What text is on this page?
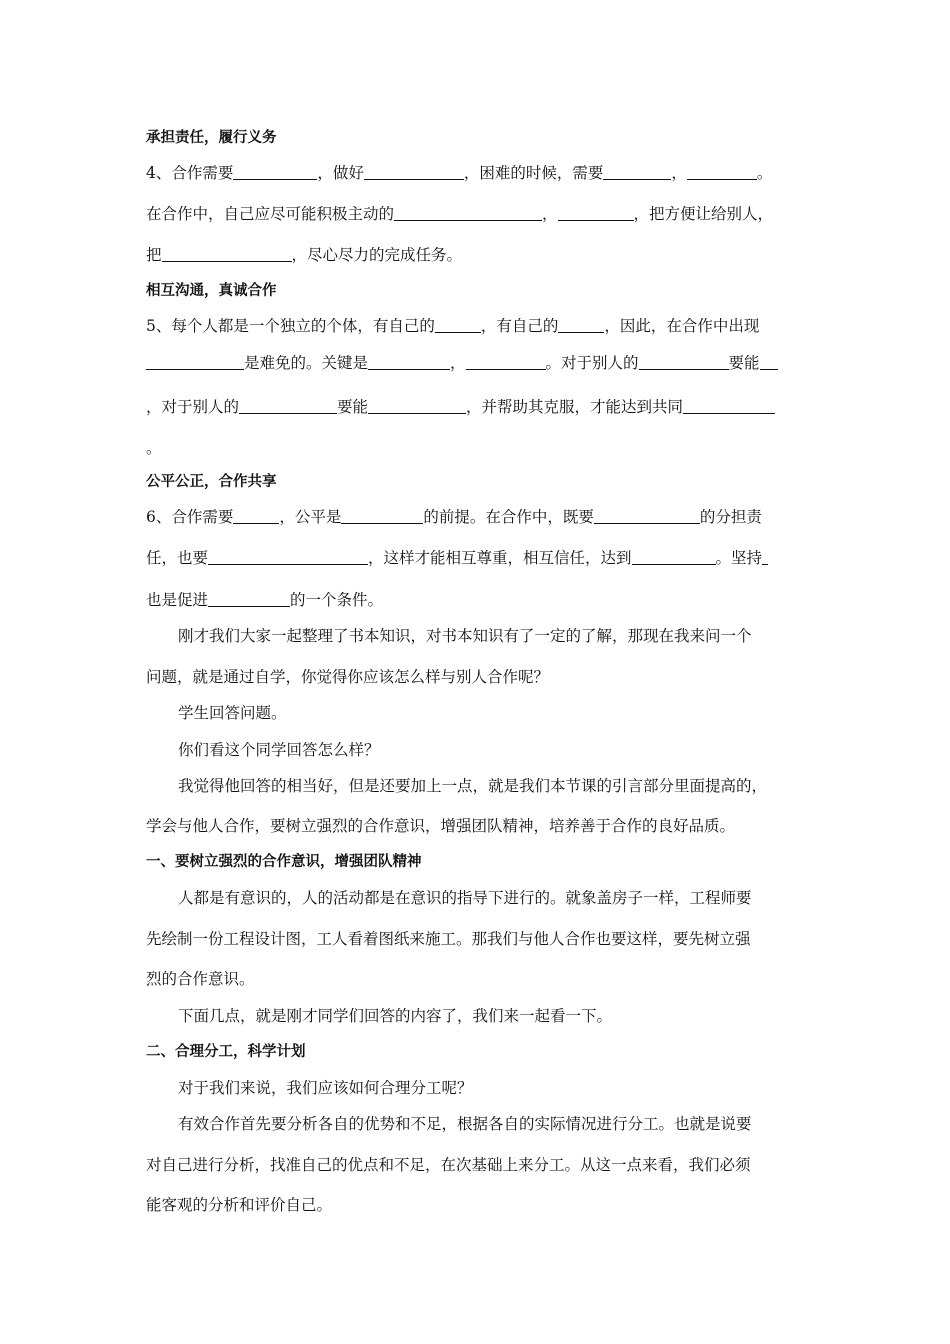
承担责任，履行义务
4、合作需要	，做好	，困难的时候，需要	，	。
在合作中，自己应尽可能积极主动的	，	，把方便让给别人，
把	，尽心尽力的完成任务。
相互沟通，真诚合作
5、每个人都是一个独立的个体，有自己的	，有自己的	，因此，在合作中出现
是难免的。关键是	，	。对于别人的	要能
，对于别人的	要能	，并帮助其克服，才能达到共同
。
公平公正，合作共享
6、合作需要	，公平是	的前提。在合作中，既要	的分担责
任，也要	，这样才能相互尊重，相互信任，达到	。坚持
也是促进	的一个条件。
刚才我们大家一起整理了书本知识，对书本知识有了一定的了解，那现在我来问一个
问题，就是通过自学，你觉得你应该怎么样与别人合作呢？
学生回答问题。
你们看这个同学回答怎么样？
我觉得他回答的相当好，但是还要加上一点，就是我们本节课的引言部分里面提高的，
学会与他人合作，要树立强烈的合作意识，增强团队精神，培养善于合作的良好品质。
一、要树立强烈的合作意识，增强团队精神
人都是有意识的，人的活动都是在意识的指导下进行的。就象盖房子一样，工程师要
先绘制一份工程设计图，工人看着图纸来施工。那我们与他人合作也要这样，要先树立强
烈的合作意识。
下面几点，就是刚才同学们回答的内容了，我们来一起看一下。
二、合理分工，科学计划
对于我们来说，我们应该如何合理分工呢？
有效合作首先要分析各自的优势和不足，根据各自的实际情况进行分工。也就是说要
对自己进行分析，找准自己的优点和不足，在次基础上来分工。从这一点来看，我们必须
能客观的分析和评价自己。
